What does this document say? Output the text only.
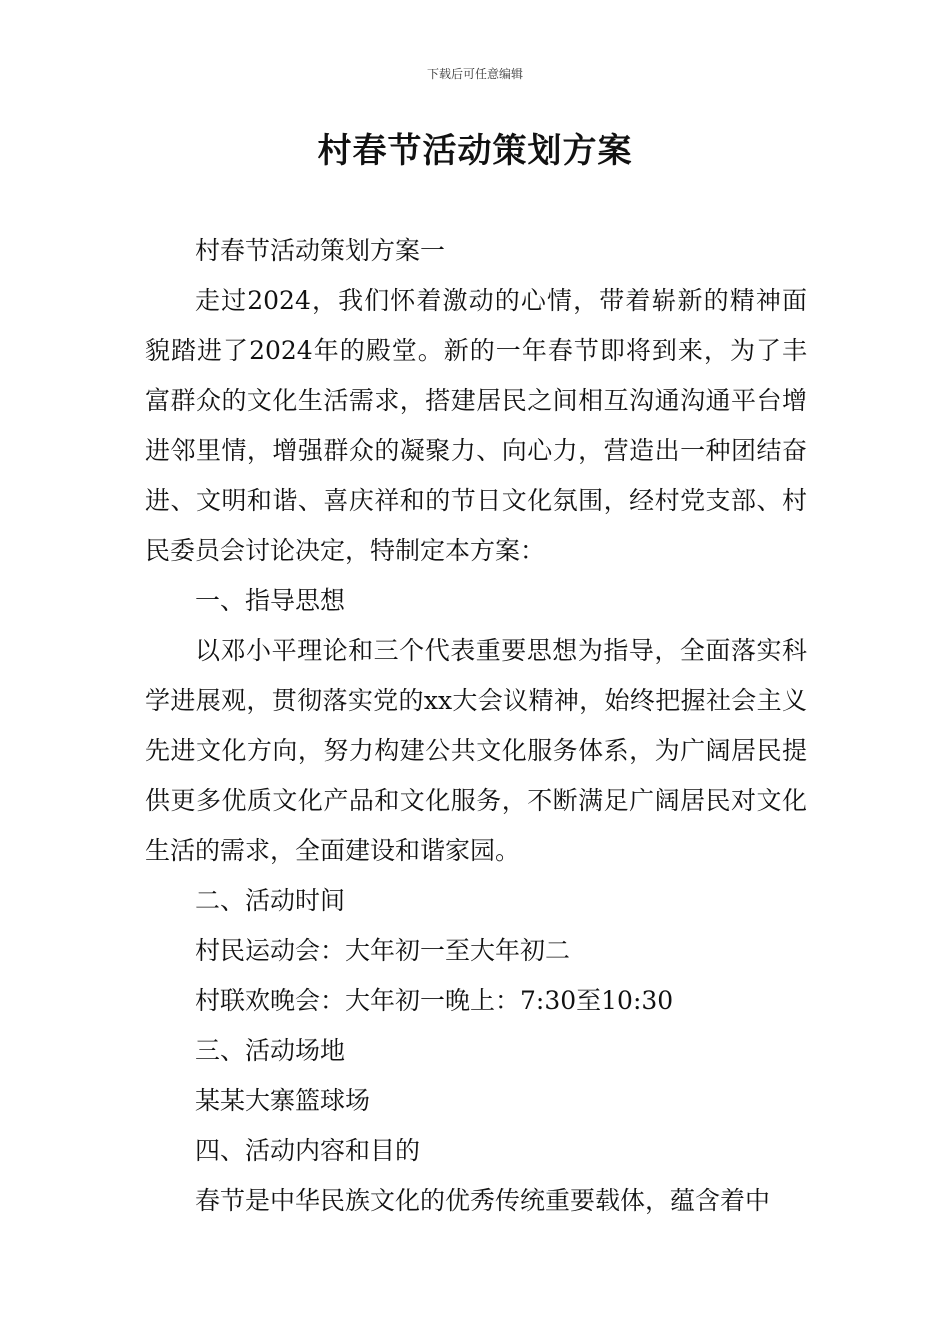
下载后可任意编辑
村春节活动策划方案

村春节活动策划方案一

走过2024，我们怀着激动的心情，带着崭新的精神面貌踏进了2024年的殿堂。新的一年春节即将到来，为了丰富群众的文化生活需求，搭建居民之间相互沟通沟通平台增进邻里情，增强群众的凝聚力、向心力，营造出一种团结奋进、文明和谐、喜庆祥和的节日文化氛围，经村党支部、村民委员会讨论决定，特制定本方案：

一、指导思想

以邓小平理论和三个代表重要思想为指导，全面落实科学进展观，贯彻落实党的xx大会议精神，始终把握社会主义先进文化方向，努力构建公共文化服务体系，为广阔居民提供更多优质文化产品和文化服务，不断满足广阔居民对文化生活的需求，全面建设和谐家园。

二、活动时间

村民运动会：大年初一至大年初二

村联欢晚会：大年初一晚上：7:30至10:30

三、活动场地

某某大寨篮球场

四、活动内容和目的

春节是中华民族文化的优秀传统重要载体，蕴含着中
